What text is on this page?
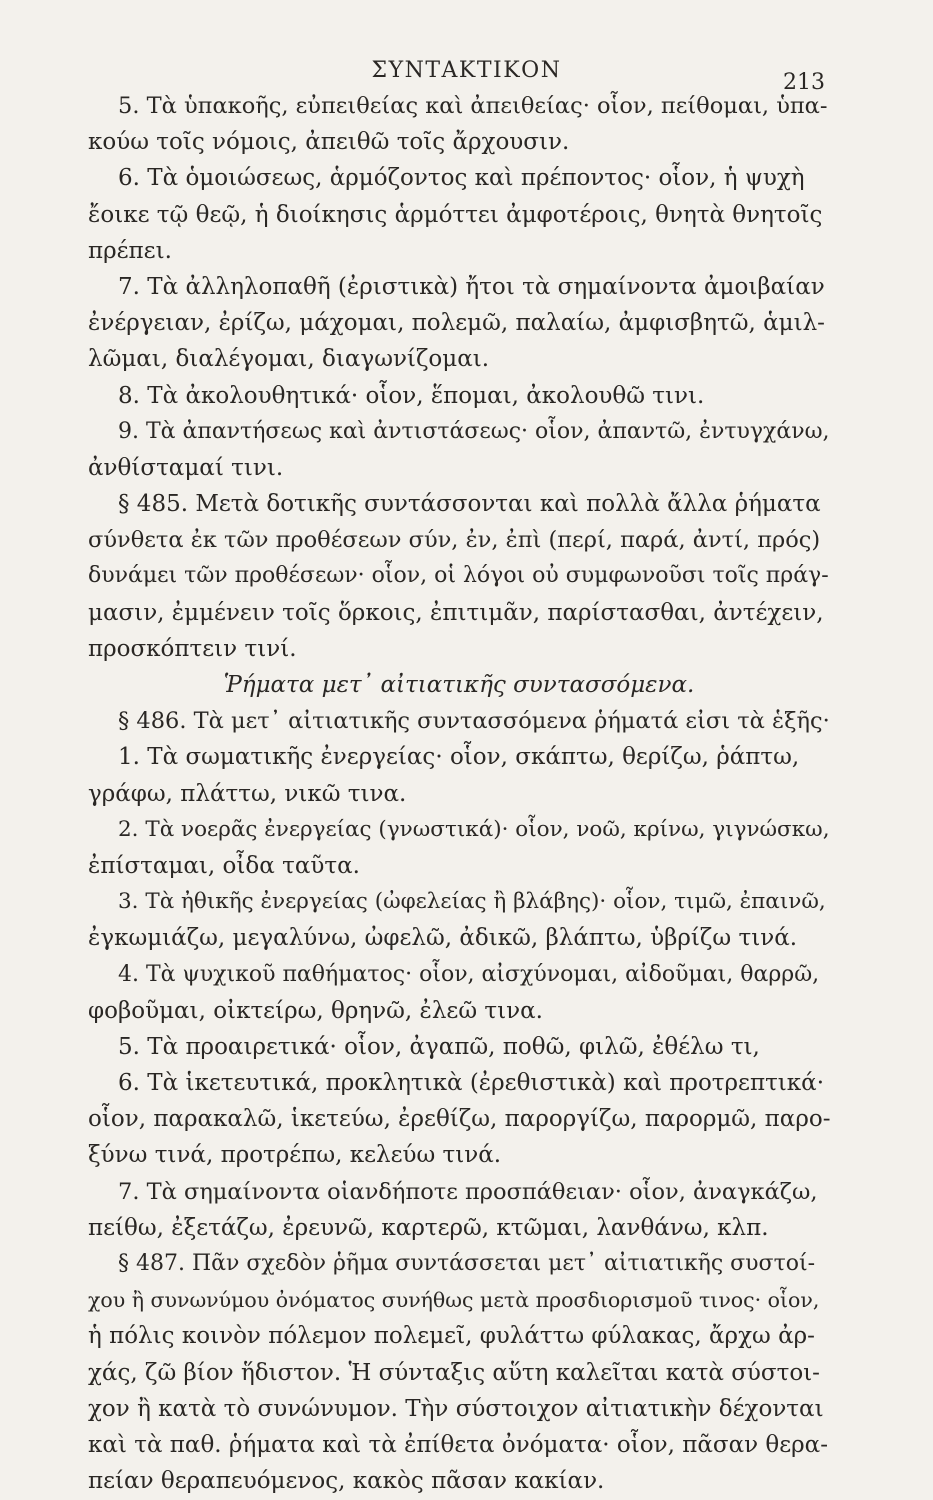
ΣΥΝΤΑΚΤΙΚΟΝ	213
5. Τὰ ὑπακοῆς, εὐπειθείας καὶ ἀπειθείας· οἷον, πείθομαι, ὑπα-
κούω τοῖς νόμοις, ἀπειθῶ τοῖς ἄρχουσιν.
6. Τὰ ὁμοιώσεως, ἁρμόζοντος καὶ πρέποντος· οἷον, ἡ ψυχὴ
ἔοικε τῷ θεῷ, ἡ διοίκησις ἁρμόττει ἀμφοτέροις, θνητὰ θνητοῖς
πρέπει.
7. Τὰ ἀλληλοπαθῆ (ἐριστικὰ) ἤτοι τὰ σημαίνοντα ἀμοιβαίαν
ἐνέργειαν, ἐρίζω, μάχομαι, πολεμῶ, παλαίω, ἀμφισβητῶ, ἁμιλ-
λῶμαι, διαλέγομαι, διαγωνίζομαι.
8. Τὰ ἀκολουθητικά· οἷον, ἕπομαι, ἀκολουθῶ τινι.
9. Τὰ ἀπαντήσεως καὶ ἀντιστάσεως· οἷον, ἀπαντῶ, ἐντυγχάνω,
ἀνθίσταμαί τινι.
§ 485. Μετὰ δοτικῆς συντάσσονται καὶ πολλὰ ἄλλα ῥήματα
σύνθετα ἐκ τῶν προθέσεων σύν, ἐν, ἐπὶ (περί, παρά, ἀντί, πρός)
δυνάμει τῶν προθέσεων· οἷον, οἱ λόγοι οὐ συμφωνοῦσι τοῖς πράγ-
μασιν, ἐμμένειν τοῖς ὅρκοις, ἐπιτιμᾶν, παρίστασθαι, ἀντέχειν,
προσκόπτειν τινί.
Ῥήματα μετ᾽ αἰτιατικῆς συντασσόμενα.
§ 486. Τὰ μετ᾽ αἰτιατικῆς συντασσόμενα ῥήματά εἰσι τὰ ἑξῆς·
1. Τὰ σωματικῆς ἐνεργείας· οἷον, σκάπτω, θερίζω, ῥάπτω,
γράφω, πλάττω, νικῶ τινα.
2. Τὰ νοερᾶς ἐνεργείας (γνωστικά)· οἷον, νοῶ, κρίνω, γιγνώσκω,
ἐπίσταμαι, οἶδα ταῦτα.
3. Τὰ ἠθικῆς ἐνεργείας (ὠφελείας ἢ βλάβης)· οἷον, τιμῶ, ἐπαινῶ,
ἐγκωμιάζω, μεγαλύνω, ὠφελῶ, ἀδικῶ, βλάπτω, ὑβρίζω τινά.
4. Τὰ ψυχικοῦ παθήματος· οἷον, αἰσχύνομαι, αἰδοῦμαι, θαρρῶ,
φοβοῦμαι, οἰκτείρω, θρηνῶ, ἐλεῶ τινα.
5. Τὰ προαιρετικά· οἷον, ἀγαπῶ, ποθῶ, φιλῶ, ἐθέλω τι,
6. Τὰ ἱκετευτικά, προκλητικὰ (ἐρεθιστικὰ) καὶ προτρεπτικά·
οἷον, παρακαλῶ, ἱκετεύω, ἐρεθίζω, παροργίζω, παρορμῶ, παρο-
ξύνω τινά, προτρέπω, κελεύω τινά.
7. Τὰ σημαίνοντα οἱανδήποτε προσπάθειαν· οἷον, ἀναγκάζω,
πείθω, ἐξετάζω, ἐρευνῶ, καρτερῶ, κτῶμαι, λανθάνω, κλπ.
§ 487. Πᾶν σχεδὸν ῥῆμα συντάσσεται μετ᾽ αἰτιατικῆς συστοί-
χου ἢ συνωνύμου ὀνόματος συνήθως μετὰ προσδιορισμοῦ τινος· οἷον,
ἡ πόλις κοινὸν πόλεμον πολεμεῖ, φυλάττω φύλακας, ἄρχω ἀρ-
χάς, ζῶ βίον ἥδιστον. Ἡ σύνταξις αὕτη καλεῖται κατὰ σύστοι-
χον ἢ κατὰ τὸ συνώνυμον. Τὴν σύστοιχον αἰτιατικὴν δέχονται
καὶ τὰ παθ. ῥήματα καὶ τὰ ἐπίθετα ὀνόματα· οἷον, πᾶσαν θερα-
πείαν θεραπευόμενος, κακὸς πᾶσαν κακίαν.
